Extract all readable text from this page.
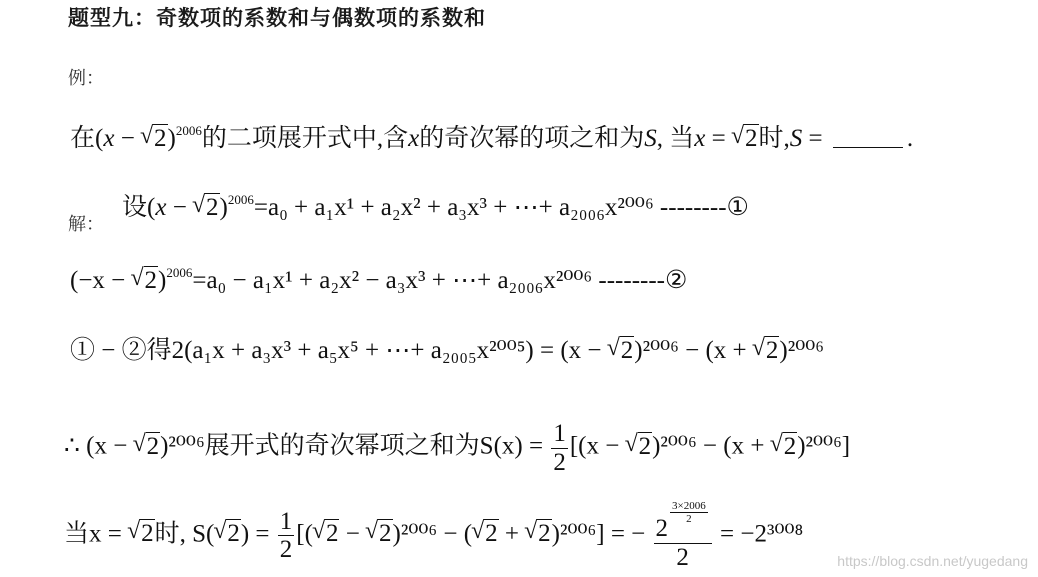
题型九：奇数项的系数和与偶数项的系数和
例：
在(x − √ 2)$^{2006}$的二项展开式中,含x的奇次幂的项之和为S, 当x = √ 2时,S =	.
解：
设(x − √ 2)$^{2006}$=a₀ + a₁x¹ + a₂x² + a₃x³ + ⋯+ a₂₀₀₆x²⁰⁰⁶ --------①
(−x − √ 2)$^{2006}$=a₀ − a₁x¹ + a₂x² − a₃x³ + ⋯+ a₂₀₀₆x²⁰⁰⁶ --------②
① − ②得2(a₁x + a₃x³ + a₅x⁵ + ⋯+ a₂₀₀₅x²⁰⁰⁵) = (x − √ 2)²⁰⁰⁶ − (x + √ 2)²⁰⁰⁶
∴ (x − √ 2)²⁰⁰⁶展开式的奇次幂项之和为$S(x) = \frac{1}{2} [(x$ − √ 2)²⁰⁰⁶ − (x + √ 2)²⁰⁰⁶]
当x = √ 2时, S( √ $2) = \frac{1}{2}$ [( √ 2 − √ 2)²⁰⁰⁶ − ( √ 2 + √ 2)²⁰⁰⁶] = − 2
$\frac{3\times 2006}{2}$
2 = −2³⁰⁰⁸
https://blog.csdn.net/yugedang
